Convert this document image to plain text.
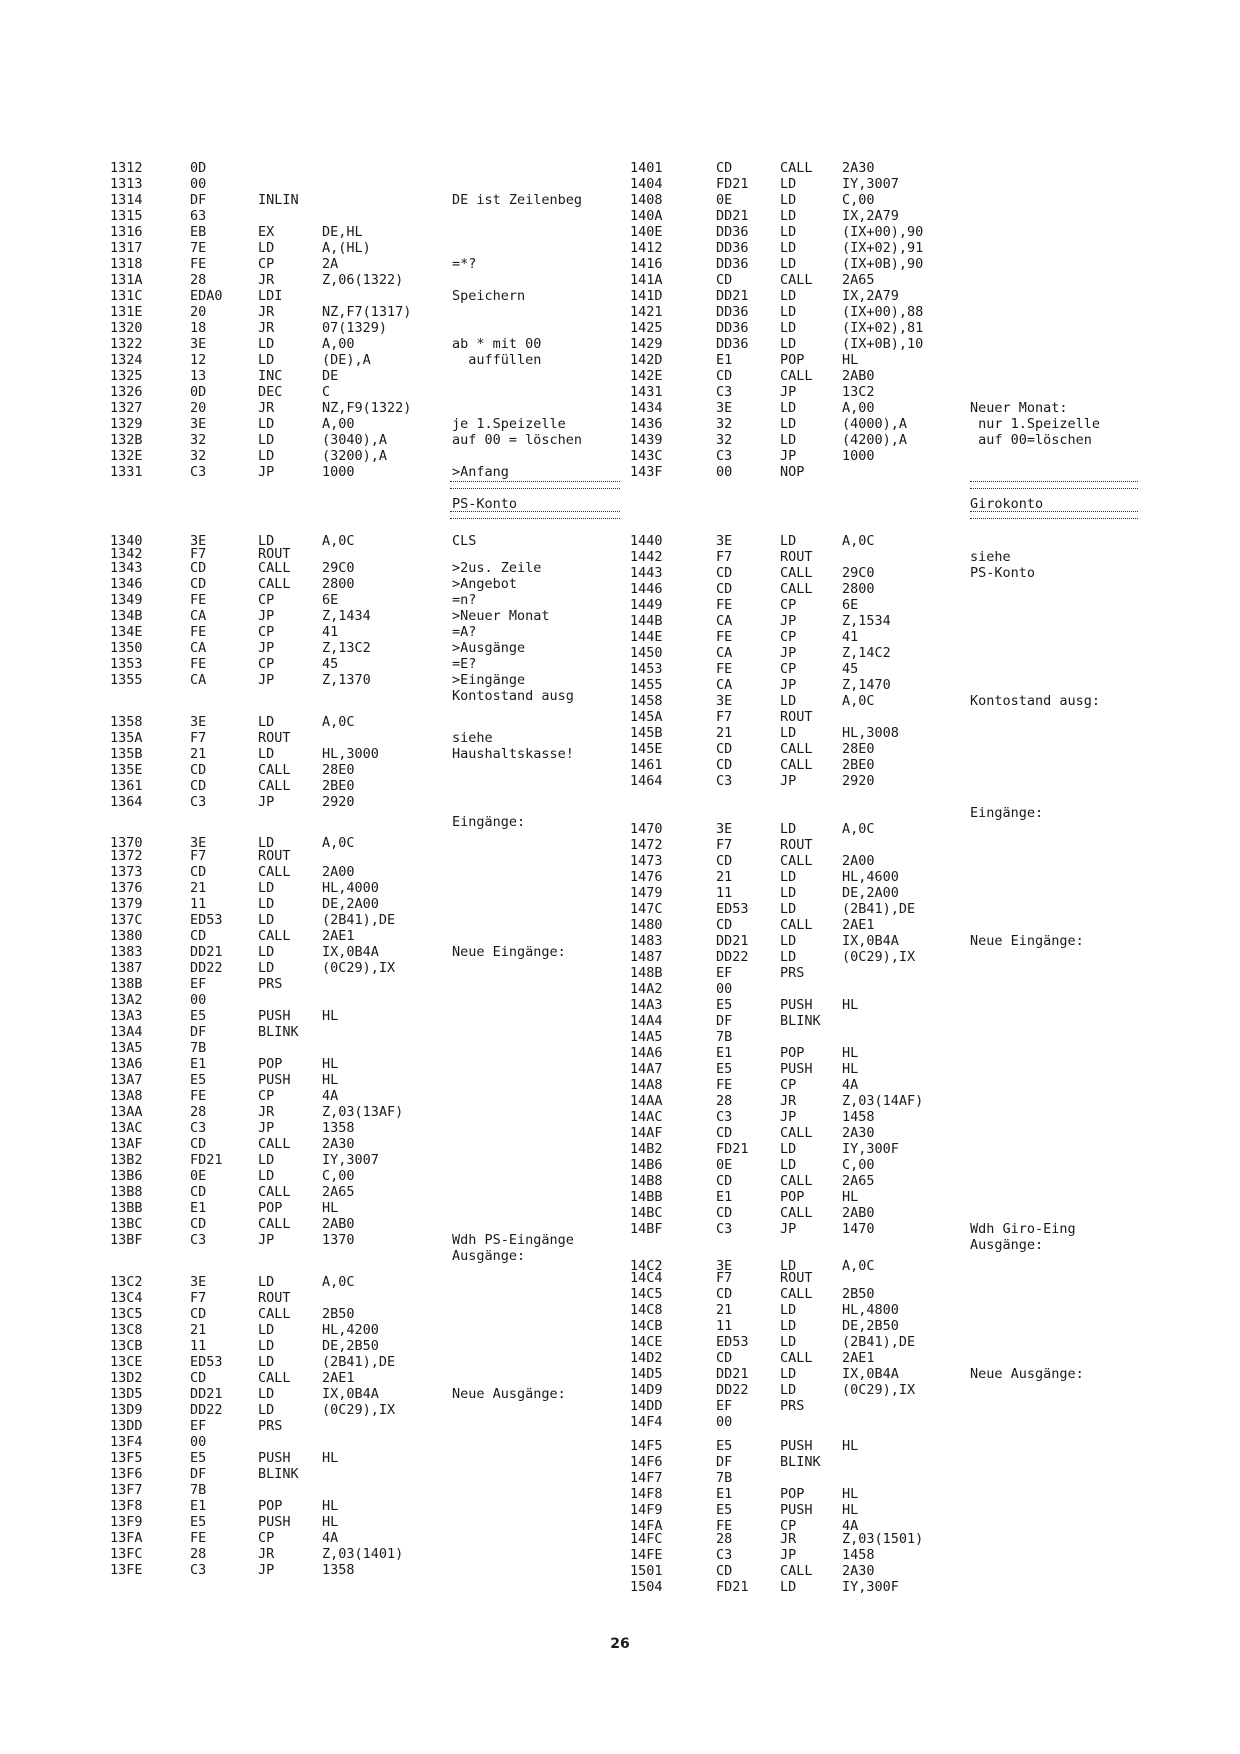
1312	0D
1313	00
1314	DF	INLIN	DE ist Zeilenbeg
1315	63
1316	EB	EX	DE,HL
1317	7E	LD	A,(HL)
1318	FE	CP	2A	=*?
131A	28	JR	Z,06(1322)
131C	EDA0	LDI	Speichern
131E	20	JR	NZ,F7(1317)
1320	18	JR	07(1329)
1322	3E	LD	A,00	ab * mit 00
1324	12	LD	(DE),A	auffüllen
1325	13	INC	DE
1326	0D	DEC	C
1327	20	JR	NZ,F9(1322)
1329	3E	LD	A,00	je 1.Speizelle
132B	32	LD	(3040),A	auf 00 = löschen
132E	32	LD	(3200),A
1331	C3	JP	1000	>Anfang
PS-Konto
1340	3E	LD	A,0C	CLS
1342	F7	ROUT
1343	CD	CALL 29C0	>2us. Zeile
1346	CD	CALL 2800	>Angebot
1349	FE	CP	6E	=n?
134B	CA	JP	Z,1434	>Neuer Monat
134E	FE	CP	41	=A?
1350	CA	JP	Z,13C2	>Ausgänge
1353	FE	CP	45	=E?
1355	CA	JP	Z,1370	>Eingänge
Kontostand ausg
1358	3E	LD	A,0C
135A	F7	ROUT	siehe
135B	21	LD	HL,3000	Haushaltskasse!
135E	CD	CALL 28E0
1361	CD	CALL 2BE0
1364	C3	JP	2920
Eingänge:
1370	3E	LD	A,0C
1372	F7	ROUT
1373	CD	CALL 2A00
1376	21	LD	HL,4000
1379	11	LD	DE,2A00
137C	ED53	LD	(2B41),DE
1380	CD	CALL 2AE1
1383	DD21	LD	IX,0B4A	Neue Eingänge:
1387	DD22	LD	(0C29),IX
138B	EF	PRS
13A2	00
13A3	E5	PUSH HL
13A4	DF	BLINK
13A5	7B
13A6	E1	POP	HL
13A7	E5	PUSH HL
13A8	FE	CP	4A
13AA	28	JR	Z,03(13AF)
13AC	C3	JP	1358
13AF	CD	CALL 2A30
13B2	FD21	LD	IY,3007
13B6	0E	LD	C,00
13B8	CD	CALL 2A65
13BB	E1	POP	HL
13BC	CD	CALL 2AB0
13BF	C3	JP	1370	Wdh PS-Eingänge
Ausgänge:
13C2	3E	LD	A,0C
13C4	F7	ROUT
13C5	CD	CALL 2B50
13C8	21	LD	HL,4200
13CB	11	LD	DE,2B50
13CE	ED53	LD	(2B41),DE
13D2	CD	CALL 2AE1
13D5	DD21	LD	IX,0B4A	Neue Ausgänge:
13D9	DD22	LD	(0C29),IX
13DD	EF	PRS
13F4	00
13F5	E5	PUSH HL
13F6	DF	BLINK
13F7	7B
13F8	E1	POP	HL
13F9	E5	PUSH HL
13FA	FE	CP	4A
13FC	28	JR	Z,03(1401)
13FE	C3	JP	1358
1401	CD	CALL 2A30
1404	FD21 LD	IY,3007
1408	0E	LD	C,00
140A	DD21 LD	IX,2A79
140E	DD36 LD	(IX+00),90
1412	DD36 LD	(IX+02),91
1416	DD36 LD	(IX+0B),90
141A	CD	CALL 2A65
141D	DD21 LD	IX,2A79
1421	DD36 LD	(IX+00),88
1425	DD36 LD	(IX+02),81
1429	DD36 LD	(IX+0B),10
142D	E1	POP	HL
142E	CD	CALL 2AB0
1431	C3	JP	13C2
1434	3E	LD	A,00	Neuer Monat:
1436	32	LD	(4000),A	nur 1.Speizelle
1439	32	LD	(4200),A	auf 00=löschen
143C	C3	JP	1000
143F	00	NOP
Girokonto
1440	3E	LD	A,0C
1442	F7	ROUT	siehe
1443	CD	CALL 29C0	PS-Konto
1446	CD	CALL 2800
1449	FE	CP	6E
144B	CA	JP	Z,1534
144E	FE	CP	41
1450	CA	JP	Z,14C2
1453	FE	CP	45
1455	CA	JP	Z,1470
1458	3E	LD	A,0C	Kontostand ausg:
145A	F7	ROUT
145B	21	LD	HL,3008
145E	CD	CALL 28E0
1461	CD	CALL 2BE0
1464	C3	JP	2920
Eingänge:
1470	3E	LD	A,0C
1472	F7	ROUT
1473	CD	CALL 2A00
1476	21	LD	HL,4600
1479	11	LD	DE,2A00
147C	ED53 LD	(2B41),DE
1480	CD	CALL 2AE1
1483	DD21 LD	IX,0B4A	Neue Eingänge:
1487	DD22 LD	(0C29),IX
148B	EF	PRS
14A2	00
14A3	E5	PUSH HL
14A4	DF	BLINK
14A5	7B
14A6	E1	POP	HL
14A7	E5	PUSH HL
14A8	FE	CP	4A
14AA	28	JR	Z,03(14AF)
14AC	C3	JP	1458
14AF	CD	CALL 2A30
14B2	FD21 LD	IY,300F
14B6	0E	LD	C,00
14B8	CD	CALL 2A65
14BB	E1	POP	HL
14BC	CD	CALL 2AB0
14BF	C3	JP	1470	Wdh Giro-Eing
Ausgänge:
14C2	3E	LD	A,0C
14C4	F7	ROUT
14C5	CD	CALL 2B50
14C8	21	LD	HL,4800
14CB	11	LD	DE,2B50
14CE	ED53 LD	(2B41),DE
14D2	CD	CALL 2AE1
14D5	DD21 LD	IX,0B4A	Neue Ausgänge:
14D9	DD22 LD	(0C29),IX
14DD	EF	PRS
14F4	00
14F5	E5	PUSH HL
14F6	DF	BLINK
14F7	7B
14F8	E1	POP	HL
14F9	E5	PUSH HL
14FA	FE	CP	4A
14FC	28	JR	Z,03(1501)
14FE	C3	JP	1458
1501	CD	CALL 2A30
1504	FD21 LD	IY,300F
26
